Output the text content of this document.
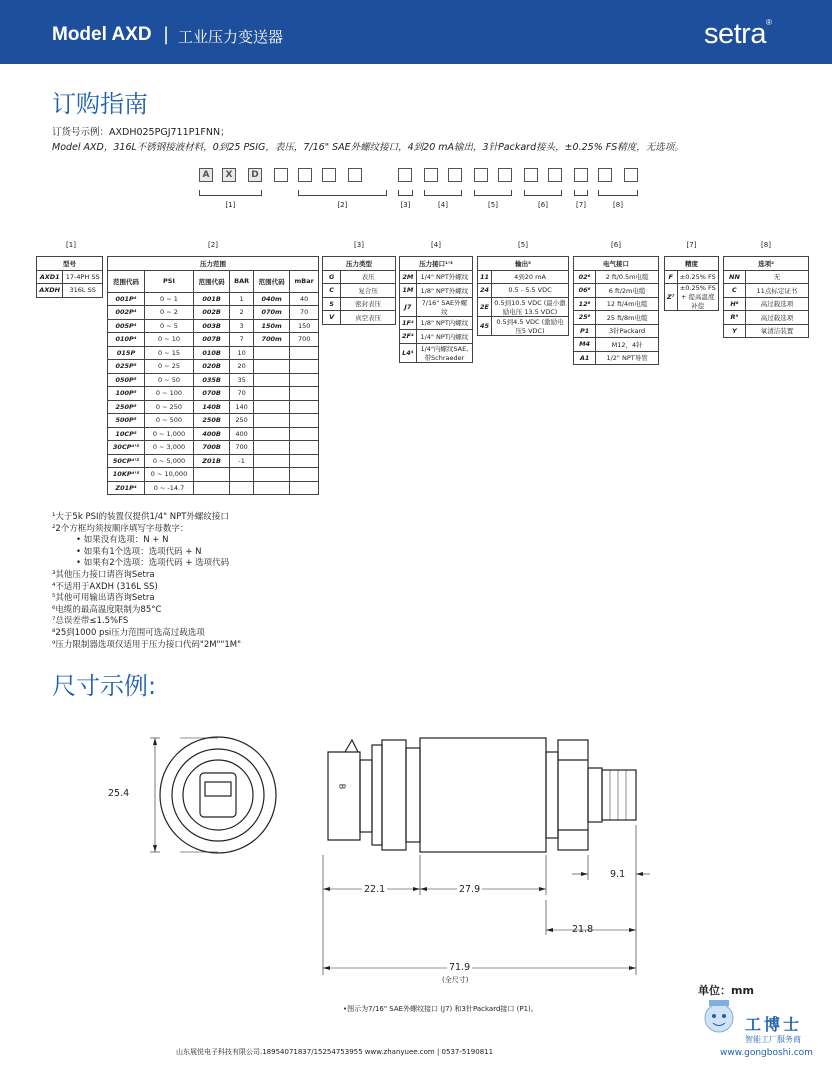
Model AXD | 工业压力变送器	setra®
订购指南
订货号示例：AXDH025PGJ711P1FNN；
Model AXD，316L不锈钢接液材料，0到25 PSIG，表压，7/16" SAE外螺纹接口，4到20 mA输出，3针Packard接头，±0.25% FS精度，无选项。
A	X	D
[1]	[2]	[3]	[4]	[5]	[6]	[7]	[8]
[1]
型号	
AXD1	17-4PH SS
AXDH	316L SS
[2]
压力范围					
范围代码	PSI	范围代码	BAR	范围代码	mBar
001P⁴	0 ~ 1	001B	1	040m	40
002P⁴	0 ~ 2	002B	2	070m	70
005P⁴	0 ~ 5	003B	3	150m	150
010P⁴	0 ~ 10	007B	7	700m	700
015P	0 ~ 15	010B	10		
025P⁵	0 ~ 25	020B	20		
050P⁵	0 ~ 50	035B	35		
100P⁵	0 ~ 100	070B	70		
250P⁵	0 ~ 250	140B	140		
500P⁵	0 ~ 500	250B	250		
10CP⁵	0 ~ 1,000	400B	400		
30CP⁴'⁵	0 ~ 3,000	700B	700		
50CP⁴'⁵	0 ~ 5,000	Z01B	-1		
10KP⁴'⁵	0 ~ 10,000				
Z01P⁴	0 ~ -14.7				
[3]
压力类型	
G	表压
C	复合压
S	密封表压
V	真空表压
[4]
压力接口¹'³	
2M	1/4" NPT外螺纹
1M	1/8" NPT外螺纹
J7	7/16" SAE外螺纹
1F⁴	1/8" NPT内螺纹
2F⁴	1/4" NPT内螺纹
L4⁴	1/4"内螺纹SAE, 带Schraeder
[5]
输出⁵	
11	4到20 mA
24	0.5 - 5.5 VDC
2E	0.5到10.5 VDC (最小激励电压 13.5 VDC)
45	0.5到4.5 VDC (激励电压5 VDC)
[6]
电气接口	
02⁶	2 ft/0.5m电缆
06⁶	6 ft/2m电缆
12⁶	12 ft/4m电缆
25⁶	25 ft/8m电缆
P1	3针Packard
M4	M12，4针
A1	1/2" NPT导管
[7]
精度	
F	±0.25% FS
Z⁷	±0.25% FS + 提高温度补偿
[8]
选项²	
NN	无
C	11点标定证书
H⁸	高过载选项
R⁹	高过载选项
Y	氧清洁装置
¹大于5k PSI的装置仅提供1/4" NPT外螺纹接口
²2个方框均须按顺序填写字母数字：
• 如果没有选项：N + N
• 如果有1个选项：选项代码 + N
• 如果有2个选项：选项代码 + 选项代码
³其他压力接口请咨询Setra
⁴不适用于AXDH (316L SS)
⁵其他可用输出请咨询Setra
⁶电缆的最高温度限制为85°C
⁷总误差带≤1.5%FS
⁸25到1000 psi压力范围可选高过载选项
⁹压力限制器选项仅适用于压力接口代码"2M""1M"
尺寸示例:
25.4
B
22.1	27.9
9.1
21.8
71.9
(全尺寸)
•图示为7/16" SAE外螺纹接口 (J7) 和3针Packard接口 (P1)。
单位：mm
工博士
智能工厂服务商
www.gongboshi.com
山东展悦电子科技有限公司.18954071837/15254753955 www.zhanyuee.com | 0537-5190811
